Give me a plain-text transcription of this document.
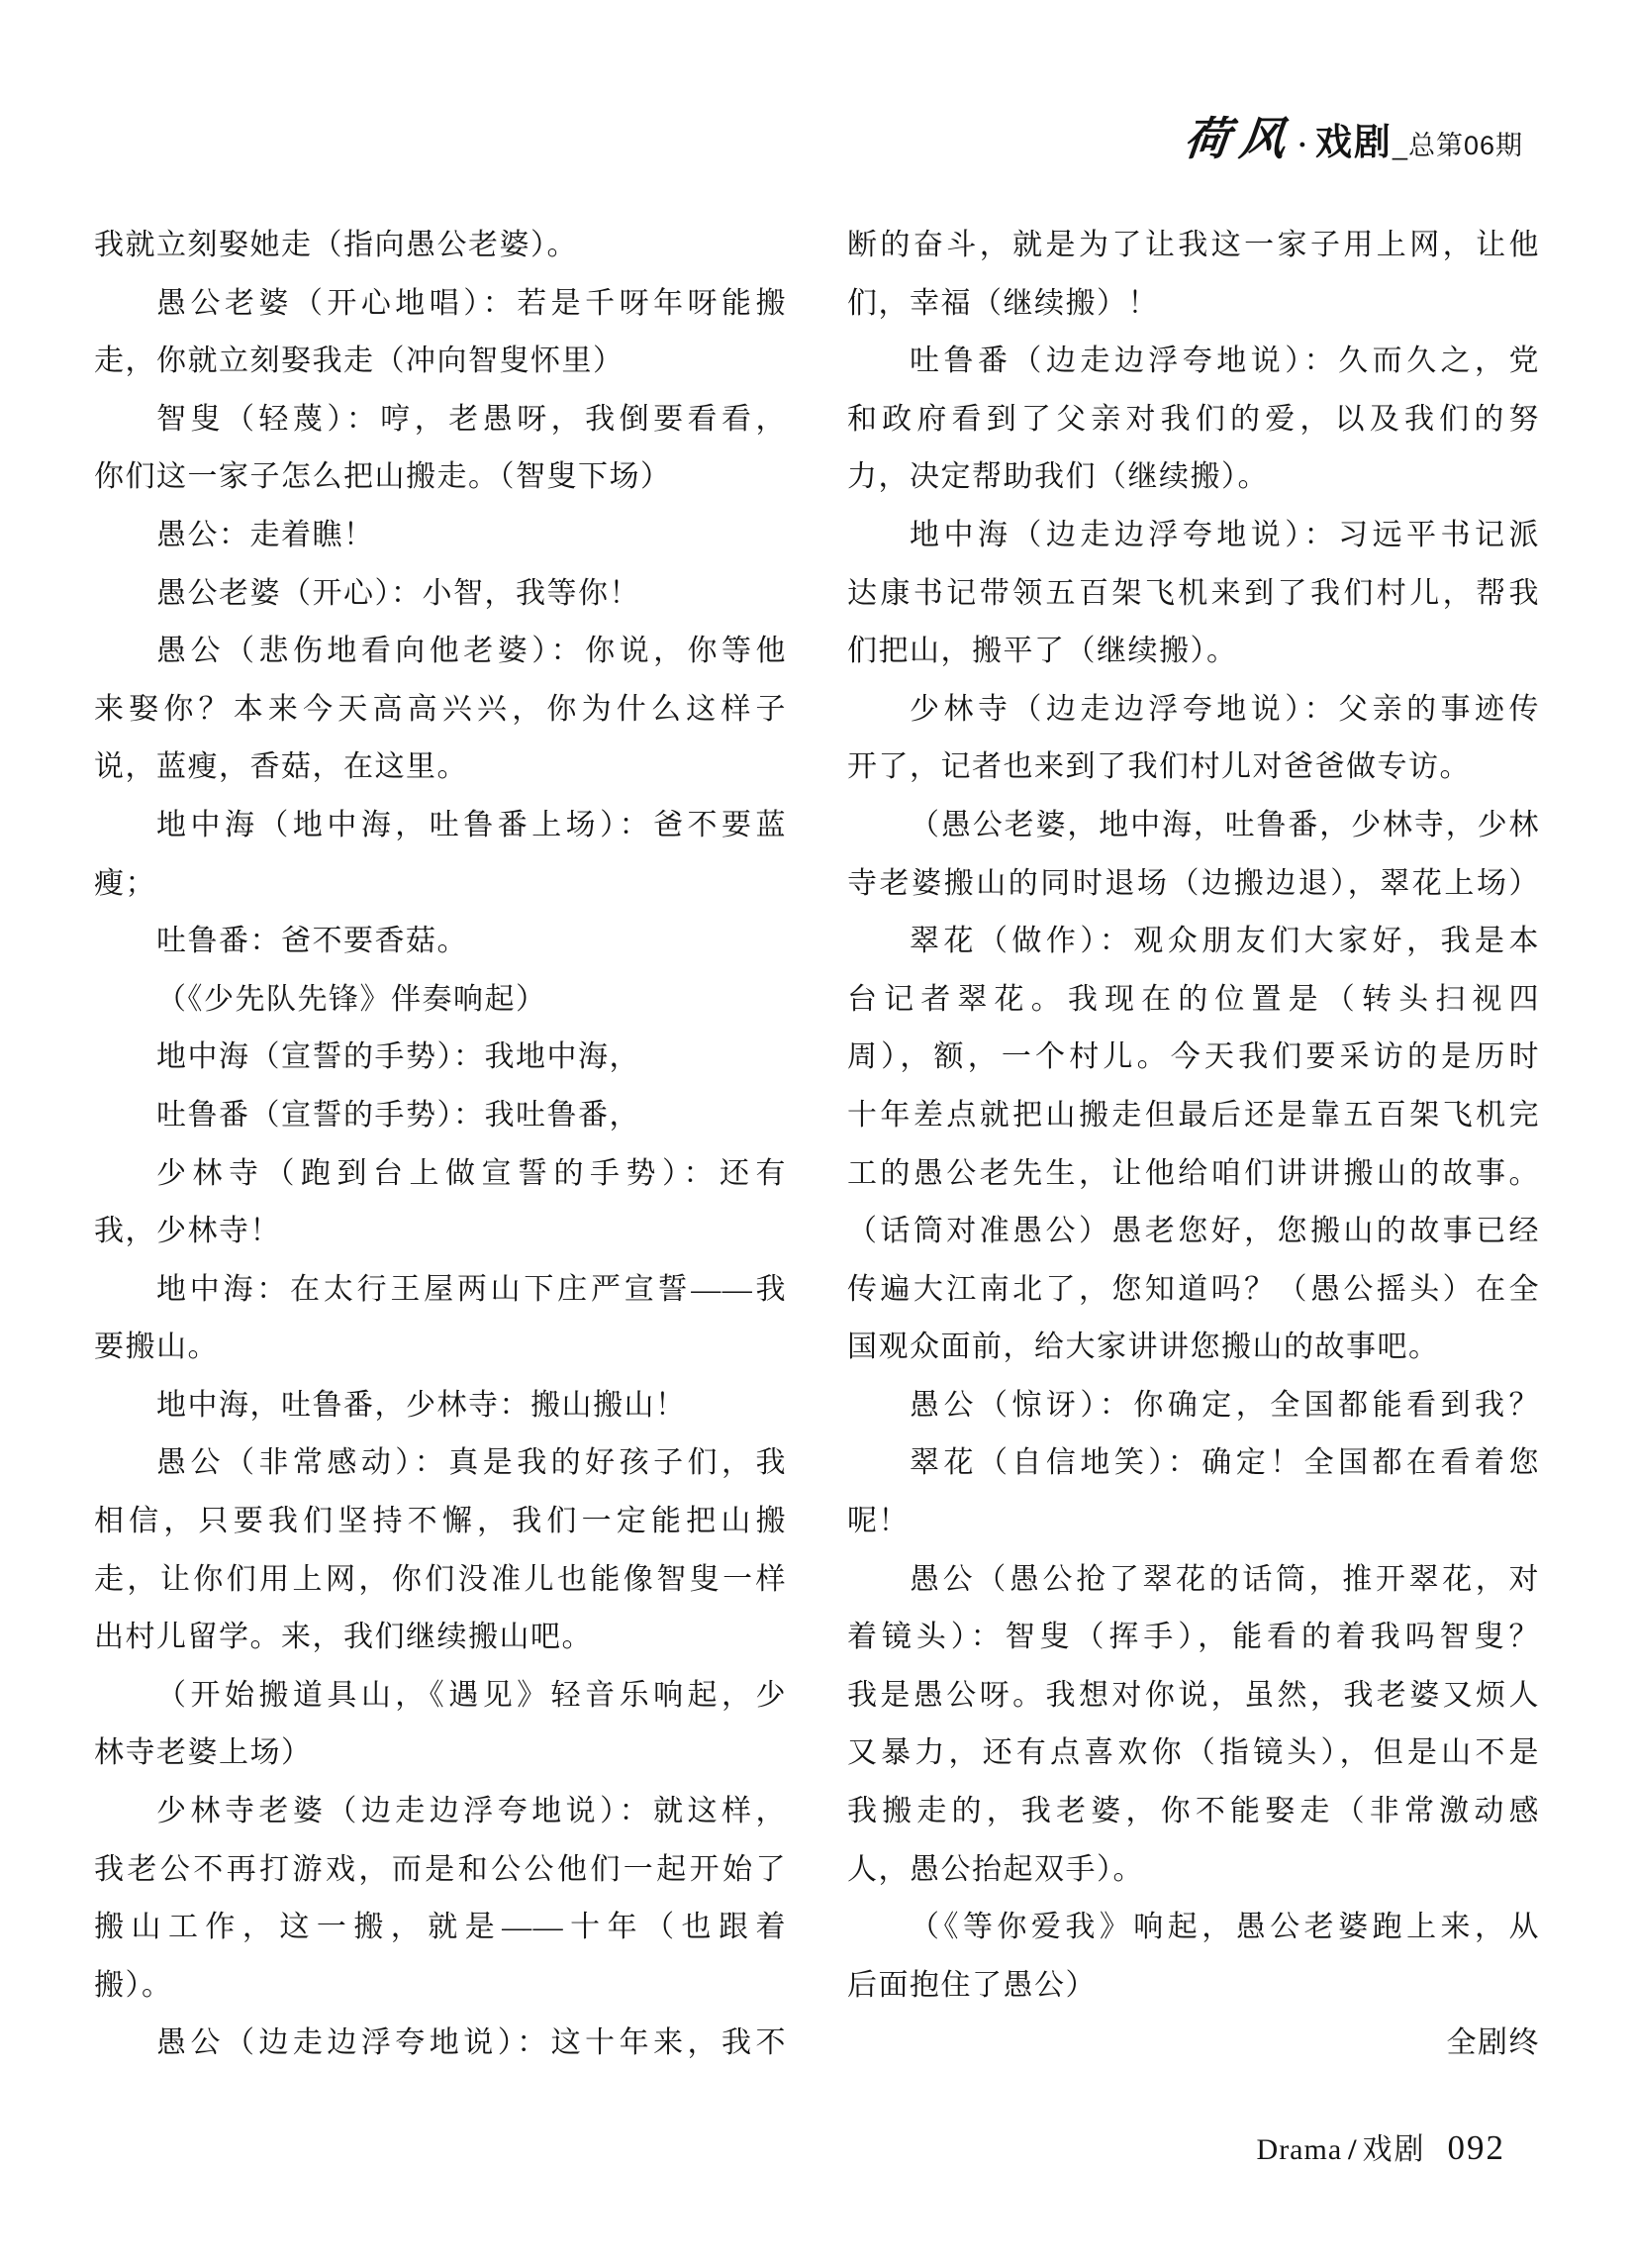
荷风 · 戏剧 _总第06期
我就立刻娶她走（指向愚公老婆）。
愚公老婆（开心地唱）：若是千呀年呀能搬
走，你就立刻娶我走（冲向智叟怀里）
智叟（轻蔑）：哼，老愚呀，我倒要看看，
你们这一家子怎么把山搬走。（智叟下场）
愚公：走着瞧！
愚公老婆（开心）：小智，我等你！
愚公（悲伤地看向他老婆）：你说，你等他
来娶你？本来今天高高兴兴，你为什么这样子
说，蓝瘦，香菇，在这里。
地中海（地中海，吐鲁番上场）：爸不要蓝
瘦；
吐鲁番：爸不要香菇。
（《少先队先锋》伴奏响起）
地中海（宣誓的手势）：我地中海，
吐鲁番（宣誓的手势）：我吐鲁番，
少林寺（跑到台上做宣誓的手势）：还有
我，少林寺！
地中海：在太行王屋两山下庄严宣誓——我
要搬山。
地中海，吐鲁番，少林寺：搬山搬山！
愚公（非常感动）：真是我的好孩子们，我
相信，只要我们坚持不懈，我们一定能把山搬
走，让你们用上网，你们没准儿也能像智叟一样
出村儿留学。来，我们继续搬山吧。
（开始搬道具山，《遇见》轻音乐响起，少
林寺老婆上场）
少林寺老婆（边走边浮夸地说）：就这样，
我老公不再打游戏，而是和公公他们一起开始了
搬山工作，这一搬，就是——十年（也跟着
搬）。
愚公（边走边浮夸地说）：这十年来，我不
断的奋斗，就是为了让我这一家子用上网，让他
们，幸福（继续搬）！
吐鲁番（边走边浮夸地说）：久而久之，党
和政府看到了父亲对我们的爱，以及我们的努
力，决定帮助我们（继续搬）。
地中海（边走边浮夸地说）：习远平书记派
达康书记带领五百架飞机来到了我们村儿，帮我
们把山，搬平了（继续搬）。
少林寺（边走边浮夸地说）：父亲的事迹传
开了，记者也来到了我们村儿对爸爸做专访。
（愚公老婆，地中海，吐鲁番，少林寺，少林
寺老婆搬山的同时退场（边搬边退），翠花上场）
翠花（做作）：观众朋友们大家好，我是本
台记者翠花。我现在的位置是（转头扫视四
周），额，一个村儿。今天我们要采访的是历时
十年差点就把山搬走但最后还是靠五百架飞机完
工的愚公老先生，让他给咱们讲讲搬山的故事。
（话筒对准愚公）愚老您好，您搬山的故事已经
传遍大江南北了，您知道吗？（愚公摇头）在全
国观众面前，给大家讲讲您搬山的故事吧。
愚公（惊讶）：你确定，全国都能看到我？
翠花（自信地笑）：确定！全国都在看着您
呢！
愚公（愚公抢了翠花的话筒，推开翠花，对
着镜头）：智叟（挥手），能看的着我吗智叟？
我是愚公呀。我想对你说，虽然，我老婆又烦人
又暴力，还有点喜欢你（指镜头），但是山不是
我搬走的，我老婆，你不能娶走（非常激动感
人，愚公抬起双手）。
（《等你爱我》响起，愚公老婆跑上来，从
后面抱住了愚公）
全剧终
Drama / 戏剧 092
